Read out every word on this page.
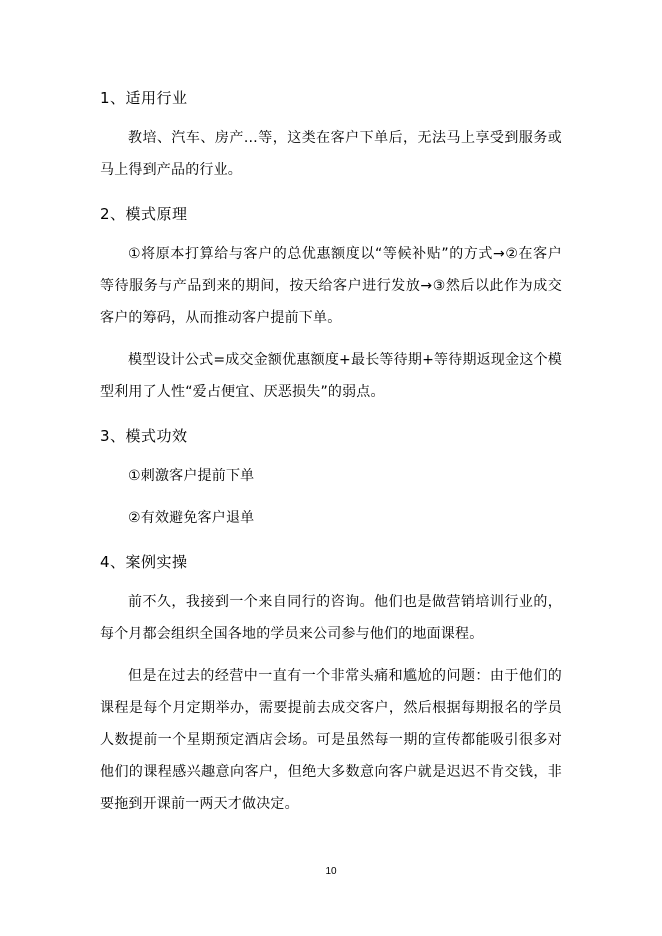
1、适用行业

教培、汽车、房产…等，这类在客户下单后，无法马上享受到服务或马上得到产品的行业。

2、模式原理

①将原本打算给与客户的总优惠额度以“等候补贴”的方式→②在客户等待服务与产品到来的期间，按天给客户进行发放→③然后以此作为成交客户的筹码，从而推动客户提前下单。

模型设计公式=成交金额优惠额度+最长等待期+等待期返现金这个模型利用了人性“爱占便宜、厌恶损失”的弱点。

3、模式功效

①刺激客户提前下单

②有效避免客户退单

4、案例实操

前不久，我接到一个来自同行的咨询。他们也是做营销培训行业的，每个月都会组织全国各地的学员来公司参与他们的地面课程。

但是在过去的经营中一直有一个非常头痛和尴尬的问题：由于他们的课程是每个月定期举办，需要提前去成交客户，然后根据每期报名的学员人数提前一个星期预定酒店会场。可是虽然每一期的宣传都能吸引很多对他们的课程感兴趣意向客户，但绝大多数意向客户就是迟迟不肯交钱，非要拖到开课前一两天才做决定。

10
